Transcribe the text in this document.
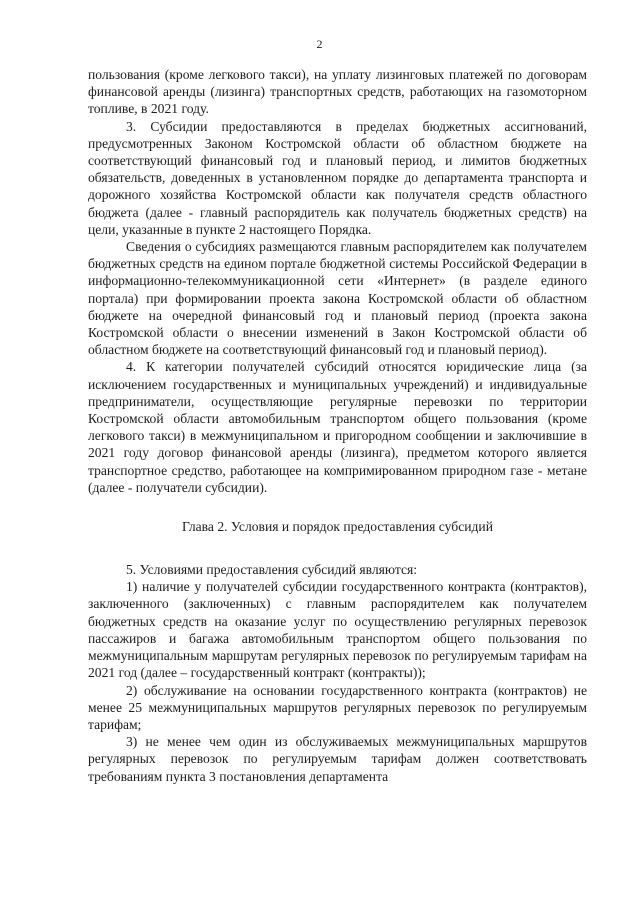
2

пользования (кроме легкового такси), на уплату лизинговых платежей по договорам финансовой аренды (лизинга) транспортных средств, работающих на газомоторном топливе, в 2021 году.

3. Субсидии предоставляются в пределах бюджетных ассигнований, предусмотренных Законом Костромской области об областном бюджете на соответствующий финансовый год и плановый период, и лимитов бюджетных обязательств, доведенных в установленном порядке до департамента транспорта и дорожного хозяйства Костромской области как получателя средств областного бюджета (далее - главный распорядитель как получатель бюджетных средств) на цели, указанные в пункте 2 настоящего Порядка.

Сведения о субсидиях размещаются главным распорядителем как получателем бюджетных средств на едином портале бюджетной системы Российской Федерации в информационно-телекоммуникационной сети «Интернет» (в разделе единого портала) при формировании проекта закона Костромской области об областном бюджете на очередной финансовый год и плановый период (проекта закона Костромской области о внесении изменений в Закон Костромской области об областном бюджете на соответствующий финансовый год и плановый период).

4. К категории получателей субсидий относятся юридические лица (за исключением государственных и муниципальных учреждений) и индивидуальные предприниматели, осуществляющие регулярные перевозки по территории Костромской области автомобильным транспортом общего пользования (кроме легкового такси) в межмуниципальном и пригородном сообщении и заключившие в 2021 году договор финансовой аренды (лизинга), предметом которого является транспортное средство, работающее на компримированном природном газе - метане (далее - получатели субсидии).

Глава 2. Условия и порядок предоставления субсидий

5. Условиями предоставления субсидий являются:

1) наличие у получателей субсидии государственного контракта (контрактов), заключенного (заключенных) с главным распорядителем как получателем бюджетных средств на оказание услуг по осуществлению регулярных перевозок пассажиров и багажа автомобильным транспортом общего пользования по межмуниципальным маршрутам регулярных перевозок по регулируемым тарифам на 2021 год (далее – государственный контракт (контракты));

2) обслуживание на основании государственного контракта (контрактов) не менее 25 межмуниципальных маршрутов регулярных перевозок по регулируемым тарифам;

3) не менее чем один из обслуживаемых межмуниципальных маршрутов регулярных перевозок по регулируемым тарифам должен соответствовать требованиям пункта 3 постановления департамента
